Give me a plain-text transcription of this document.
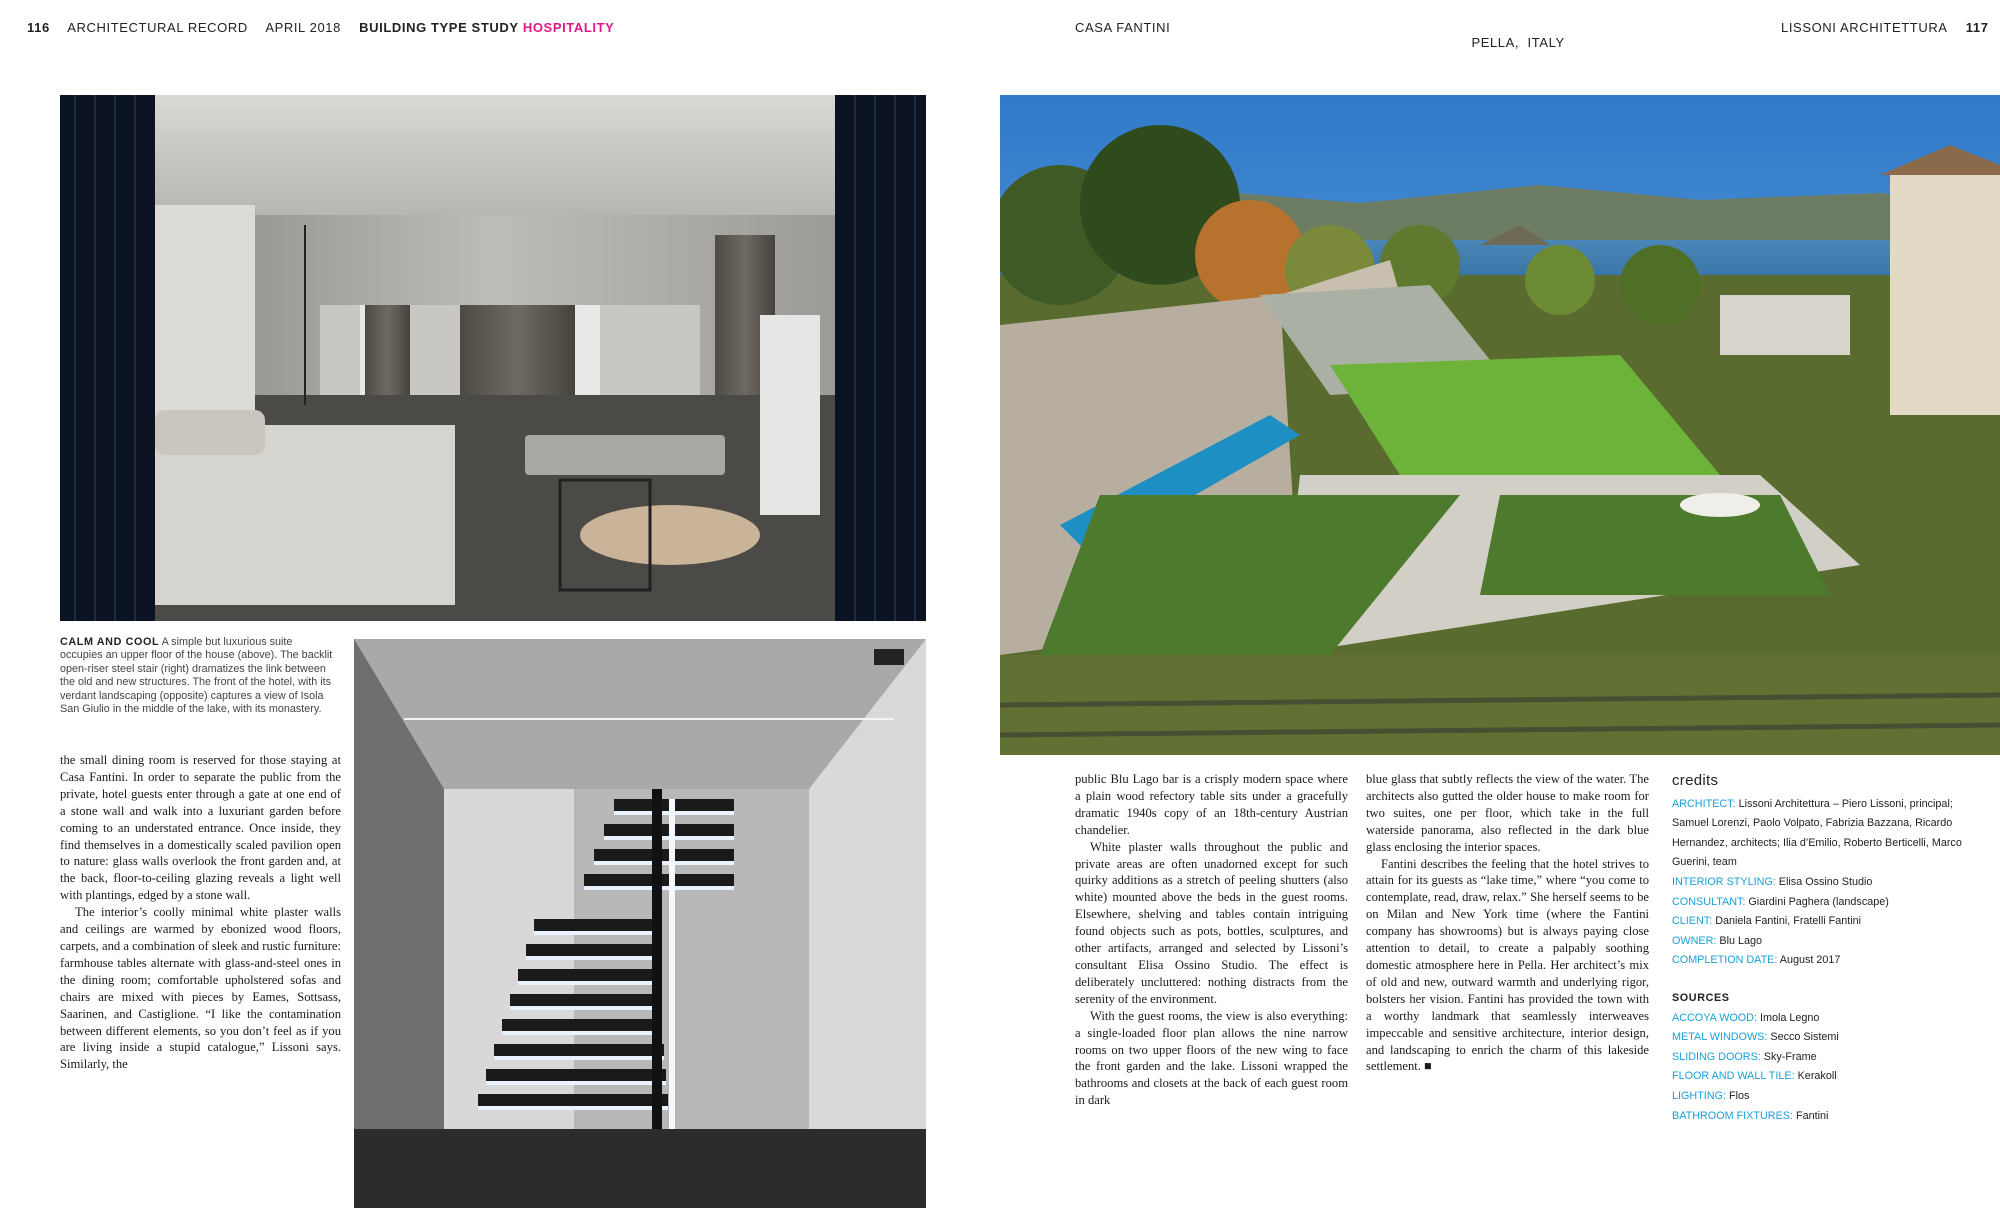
116 ARCHITECTURAL RECORD APRIL 2018 BUILDING TYPE STUDY HOSPITALITY	CASA FANTINI

PELLA,  ITALY

LISSONI ARCHITETTURA 117
CALM AND COOL A simple but luxurious suite occupies an upper floor of the house (above). The backlit open-riser steel stair (right) dramatizes the link between the old and new structures. The front of the hotel, with its verdant landscaping (opposite) captures a view of Isola San Giulio in the middle of the lake, with its monastery.

the small dining room is reserved for those staying at Casa Fantini. In order to separate the public from the private, hotel guests enter through a gate at one end of a stone wall and walk into a luxuriant garden before coming to an understated entrance. Once inside, they find themselves in a domestically scaled pavilion open to nature: glass walls overlook the front garden and, at the back, floor-to-ceiling glazing reveals a light well with plantings, edged by a stone wall.

The interior’s coolly minimal white plaster walls and ceilings are warmed by ebonized wood floors, carpets, and a combination of sleek and rustic furniture: farmhouse tables alternate with glass-and-steel ones in the dining room; comfortable upholstered sofas and chairs are mixed with pieces by Eames, Sottsass, Saarinen, and Castiglione. “I like the contamination between different elements, so you don’t feel as if you are living inside a stupid catalogue,” Lissoni says. Similarly, the

public Blu Lago bar is a crisply modern space where a plain wood refectory table sits under a gracefully dramatic 1940s copy of an 18th-century Austrian chandelier.

White plaster walls throughout the public and private areas are often unadorned except for such quirky additions as a stretch of peeling shutters (also white) mounted above the beds in the guest rooms. Elsewhere, shelving and tables contain intriguing found objects such as pots, bottles, sculptures, and other artifacts, arranged and selected by Lissoni’s consultant Elisa Ossino Studio. The effect is deliberately uncluttered: nothing distracts from the serenity of the environment.

With the guest rooms, the view is also everything: a single-loaded floor plan allows the nine narrow rooms on two upper floors of the new wing to face the front garden and the lake. Lissoni wrapped the bathrooms and closets at the back of each guest room in dark

blue glass that subtly reflects the view of the water. The architects also gutted the older house to make room for two suites, one per floor, which take in the full waterside panorama, also reflected in the dark blue glass enclosing the interior spaces.

Fantini describes the feeling that the hotel strives to attain for its guests as “lake time,” where “you come to contemplate, read, draw, relax.” She herself seems to be on Milan and New York time (where the Fantini company has showrooms) but is always paying close attention to detail, to create a palpably soothing domestic atmosphere here in Pella. Her architect’s mix of old and new, outward warmth and underlying rigor, bolsters her vision. Fantini has provided the town with a worthy landmark that seamlessly interweaves impeccable and sensitive architecture, interior design, and landscaping to enrich the charm of this lakeside settlement. ■

credits
ARCHITECT: Lissoni Architettura – Piero Lissoni, principal; Samuel Lorenzi, Paolo Volpato, Fabrizia Bazzana, Ricardo Hernandez, architects; Ilia d’Emilio, Roberto Berticelli, Marco Guerini, team
INTERIOR STYLING: Elisa Ossino Studio
CONSULTANT: Giardini Paghera (landscape)
CLIENT: Daniela Fantini, Fratelli Fantini
OWNER: Blu Lago
COMPLETION DATE: August 2017
SOURCES
ACCOYA WOOD: Imola Legno
METAL WINDOWS: Secco Sistemi
SLIDING DOORS: Sky-Frame
FLOOR AND WALL TILE: Kerakoll
LIGHTING: Flos
BATHROOM FIXTURES: Fantini
